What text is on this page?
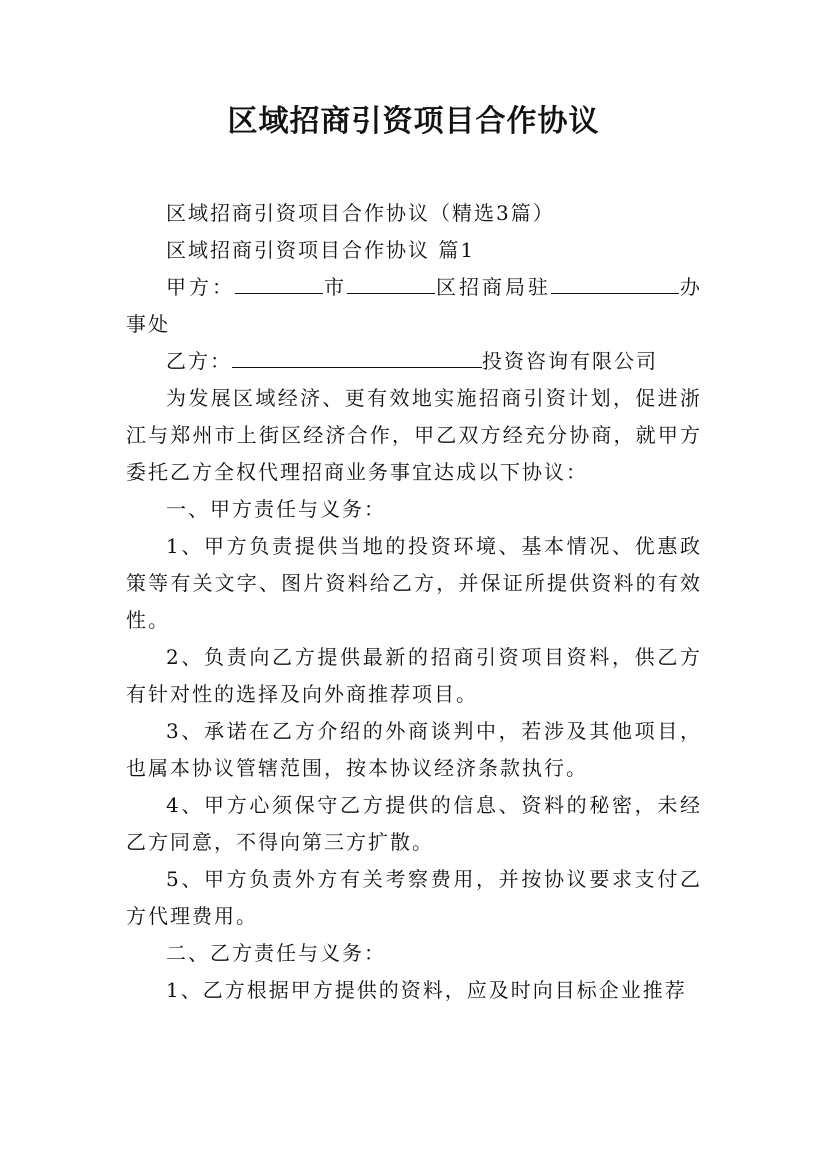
区域招商引资项目合作协议

区域招商引资项目合作协议（精选3篇）

区域招商引资项目合作协议 篇1

甲方：	市	区招商局驻	办事处

乙方：	投资咨询有限公司

为发展区域经济、更有效地实施招商引资计划，促进浙江与郑州市上街区经济合作，甲乙双方经充分协商，就甲方委托乙方全权代理招商业务事宜达成以下协议：

一、甲方责任与义务：

1、甲方负责提供当地的投资环境、基本情况、优惠政策等有关文字、图片资料给乙方，并保证所提供资料的有效性。

2、负责向乙方提供最新的招商引资项目资料，供乙方有针对性的选择及向外商推荐项目。

3、承诺在乙方介绍的外商谈判中，若涉及其他项目，也属本协议管辖范围，按本协议经济条款执行。

4、甲方心须保守乙方提供的信息、资料的秘密，未经乙方同意，不得向第三方扩散。

5、甲方负责外方有关考察费用，并按协议要求支付乙方代理费用。

二、乙方责任与义务：

1、乙方根据甲方提供的资料，应及时向目标企业推荐
